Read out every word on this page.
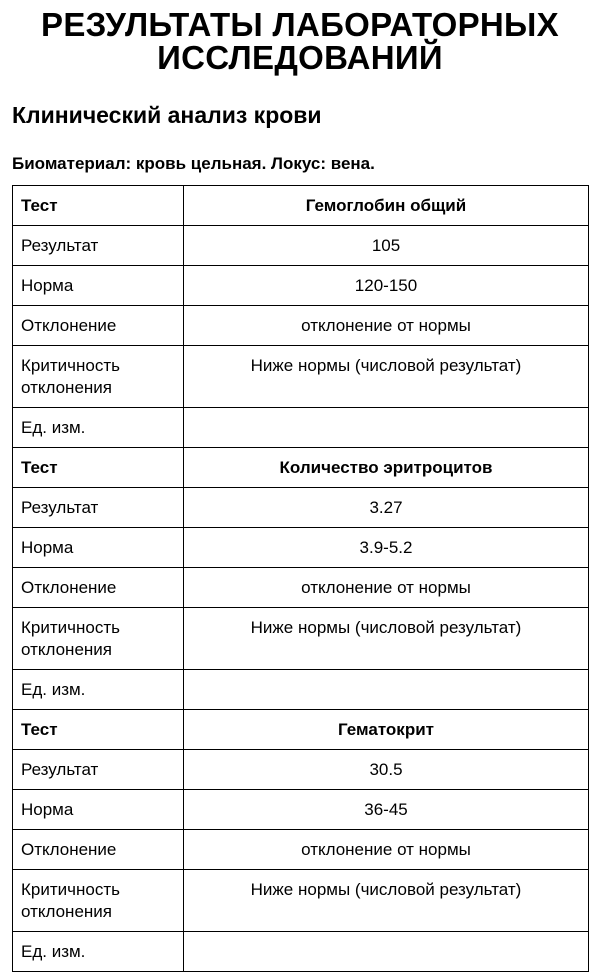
РЕЗУЛЬТАТЫ ЛАБОРАТОРНЫХ
ИССЛЕДОВАНИЙ
Клинический анализ крови

Биоматериал: кровь цельная. Локус: вена.

Тест	Гемоглобин общий
Результат	105
Норма	120-150
Отклонение	отклонение от нормы
Критичность
отклонения	Ниже нормы (числовой результат)
Ед. изм.	
Тест	Количество эритроцитов
Результат	3.27
Норма	3.9-5.2
Отклонение	отклонение от нормы
Критичность
отклонения	Ниже нормы (числовой результат)
Ед. изм.	
Тест	Гематокрит
Результат	30.5
Норма	36-45
Отклонение	отклонение от нормы
Критичность
отклонения	Ниже нормы (числовой результат)
Ед. изм.	
